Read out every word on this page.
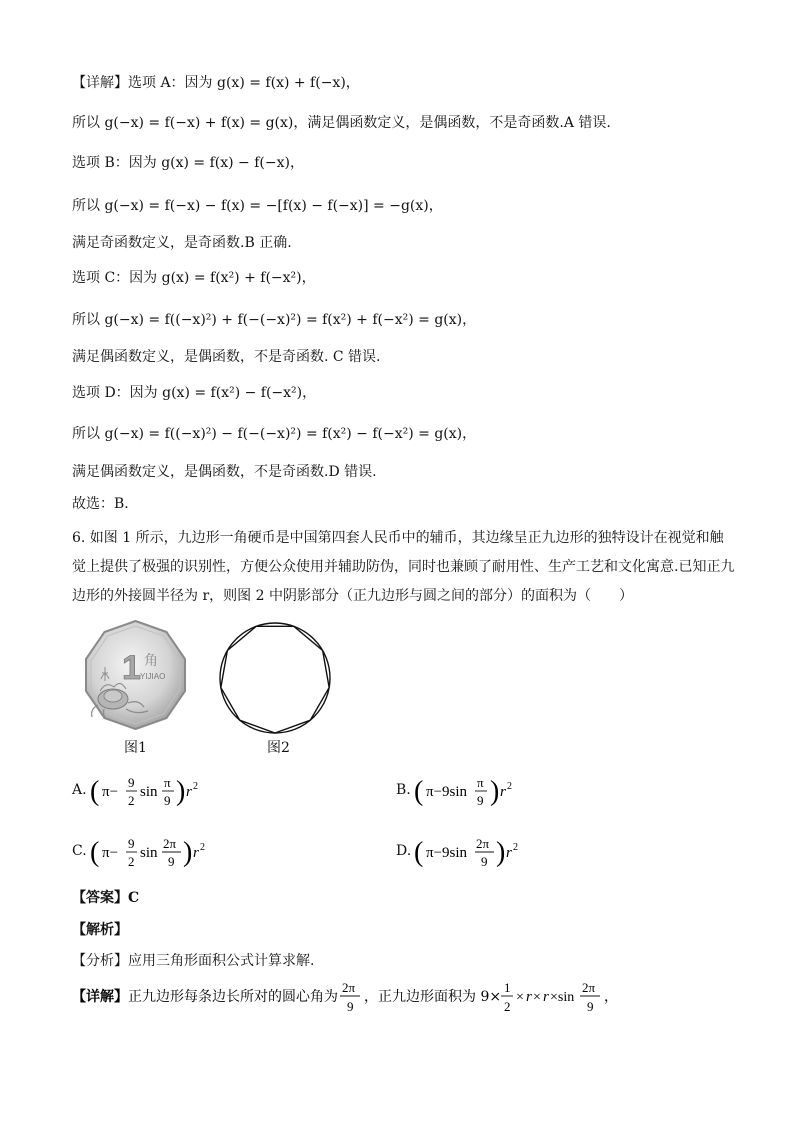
【详解】选项 A：因为 g(x) = f(x) + f(−x)，
所以 g(−x) = f(−x) + f(x) = g(x)，满足偶函数定义，是偶函数，不是奇函数.A 错误.
选项 B：因为 g(x) = f(x) − f(−x)，
所以 g(−x) = f(−x) − f(x) = −[f(x) − f(−x)] = −g(x)，
满足奇函数定义，是奇函数.B 正确.
选项 C：因为 g(x) = f(x²) + f(−x²)，
所以 g(−x) = f((−x)²) + f(−(−x)²) = f(x²) + f(−x²) = g(x)，
满足偶函数定义，是偶函数，不是奇函数. C 错误.
选项 D：因为 g(x) = f(x²) − f(−x²)，
所以 g(−x) = f((−x)²) − f(−(−x)²) = f(x²) − f(−x²) = g(x)，
满足偶函数定义，是偶函数，不是奇函数.D 错误.
故选：B.
6. 如图 1 所示，九边形一角硬币是中国第四套人民币中的辅币，其边缘呈正九边形的独特设计在视觉和触
觉上提供了极强的识别性，方便公众使用并辅助防伪，同时也兼顾了耐用性、生产工艺和文化寓意.已知正九
边形的外接圆半径为 r，则图 2 中阴影部分（正九边形与圆之间的部分）的面积为（　　）
1 角
YIJIAO
图1	图2
A. ( π−
9
2
sin
π
9 ) r 2	B. ( π−9sin
π
9 ) r 2
C. ( π−
9
2
sin
2π
9 ) r 2	D. ( π−9sin
2π
9 ) r 2
【答案】C
【解析】
【分析】应用三角形面积公式计算求解.
【详解】 正九边形每条边长所对的圆心角为
2π
9
，正九边形面积为 9×
1
2
× r × r ×sin
2π
9
，
